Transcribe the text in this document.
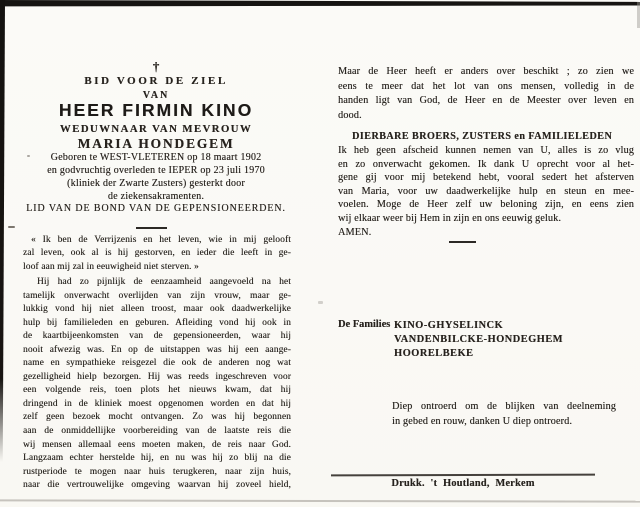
†
BID VOOR DE ZIEL
VAN
HEER FIRMIN KINO
WEDUWNAAR VAN MEVROUW
MARIA HONDEGEM
Geboren te WEST-VLETEREN op 18 maart 1902
en godvruchtig overleden te IEPER op 23 juli 1970
(kliniek der Zwarte Zusters) gesterkt door
de ziekensakramenten.
LID VAN DE BOND VAN DE GEPENSIONEERDEN.
« Ik ben de Verrijzenis en het leven, wie in mij gelooft
zal leven, ook al is hij gestorven, en ieder die leeft in ge-
loof aan mij zal in eeuwigheid niet sterven. »
Hij had zo pijnlijk de eenzaamheid aangevoeld na het
tamelijk onverwacht overlijden van zijn vrouw, maar ge-
lukkig vond hij niet alleen troost, maar ook daadwerkelijke
hulp bij familieleden en geburen. Afleiding vond hij ook in
de kaartbijeenkomsten van de gepensioneerden, waar hij
nooit afwezig was. En op de uitstappen was hij een aange-
name en sympathieke reisgezel die ook de anderen nog wat
gezelligheid hielp bezorgen. Hij was reeds ingeschreven voor
een volgende reis, toen plots het nieuws kwam, dat hij
dringend in de kliniek moest opgenomen worden en dat hij
zelf geen bezoek mocht ontvangen. Zo was hij begonnen
aan de onmiddellijke voorbereiding van de laatste reis die
wij mensen allemaal eens moeten maken, de reis naar God.
Langzaam echter herstelde hij, en nu was hij zo blij na die
rustperiode te mogen naar huis terugkeren, naar zijn huis,
naar die vertrouwelijke omgeving waarvan hij zoveel hield,
Maar de Heer heeft er anders over beschikt ; zo zien we
eens te meer dat het lot van ons mensen, volledig in de
handen ligt van God, de Heer en de Meester over leven en
dood.
DIERBARE BROERS, ZUSTERS en FAMILIELEDEN
Ik heb geen afscheid kunnen nemen van U, alles is zo vlug
en zo onverwacht gekomen. Ik dank U oprecht voor al het-
gene gij voor mij betekend hebt, vooral sedert het afsterven
van Maria, voor uw daadwerkelijke hulp en steun en mee-
voelen. Moge de Heer zelf uw beloning zijn, en eens zien
wij elkaar weer bij Hem in zijn en ons eeuwig geluk.
AMEN.
De Families KINO-GHYSELINCK
VANDENBILCKE-HONDEGHEM
HOORELBEKE
Diep ontroerd om de blijken van deelneming
in gebed en rouw, danken U diep ontroerd.
Drukk. 't Houtland, Merkem
